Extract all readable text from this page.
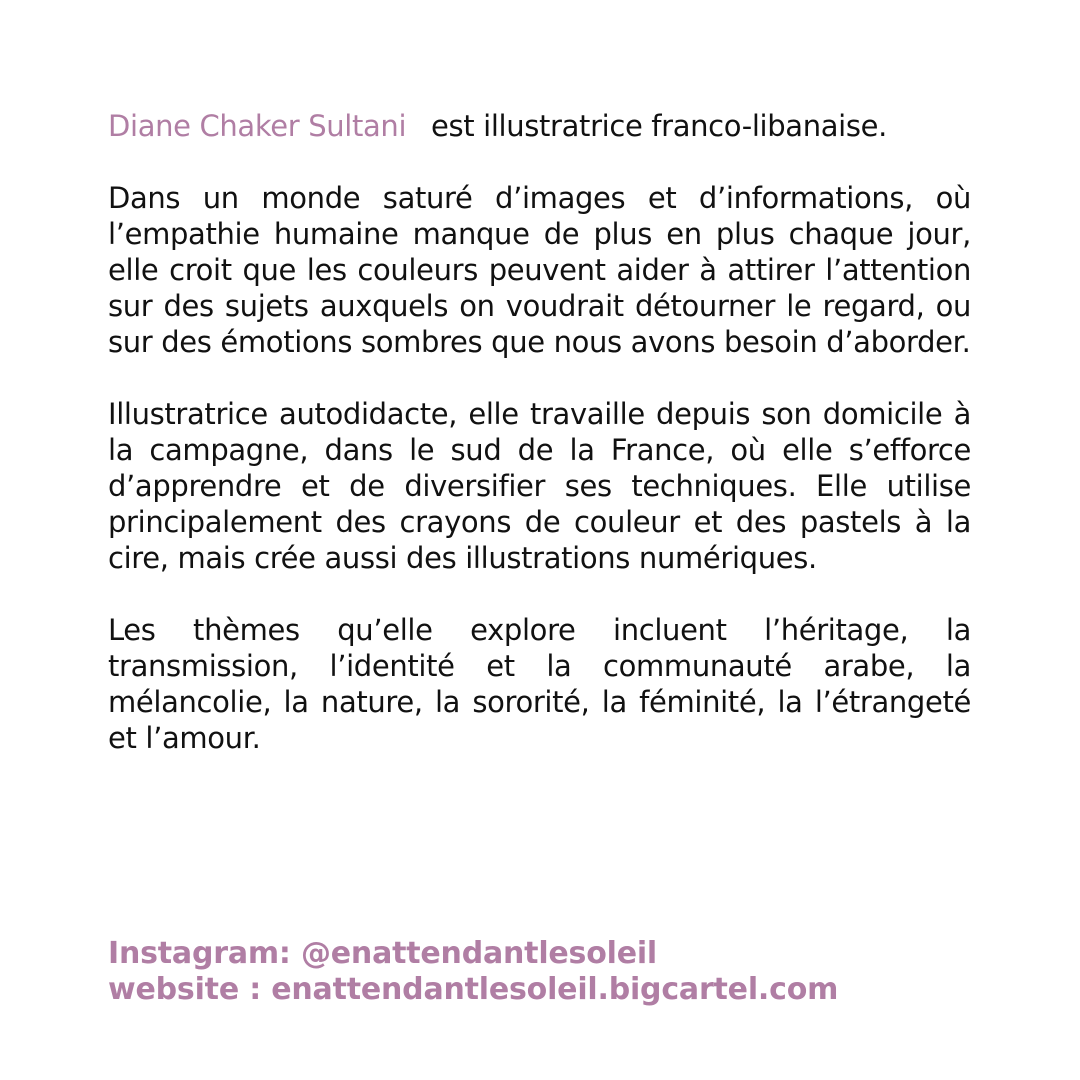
Diane Chaker Sultani est illustratrice franco-libanaise.

Dans un monde saturé d’images et d’informations, où l’empathie humaine manque de plus en plus chaque jour, elle croit que les couleurs peuvent aider à attirer l’attention sur des sujets auxquels on voudrait détourner le regard, ou sur des émotions sombres que nous avons besoin d’aborder.

Illustratrice autodidacte, elle travaille depuis son domicile à la campagne, dans le sud de la France, où elle s’efforce d’apprendre et de diversifier ses techniques. Elle utilise principalement des crayons de couleur et des pastels à la cire, mais crée aussi des illustrations numériques.

Les thèmes qu’elle explore incluent l’héritage, la transmission, l’identité et la communauté arabe, la mélancolie, la nature, la sororité, la féminité, la l’étrangeté et l’amour.

Instagram: @enattendantlesoleil
website : enattendantlesoleil.bigcartel.com
